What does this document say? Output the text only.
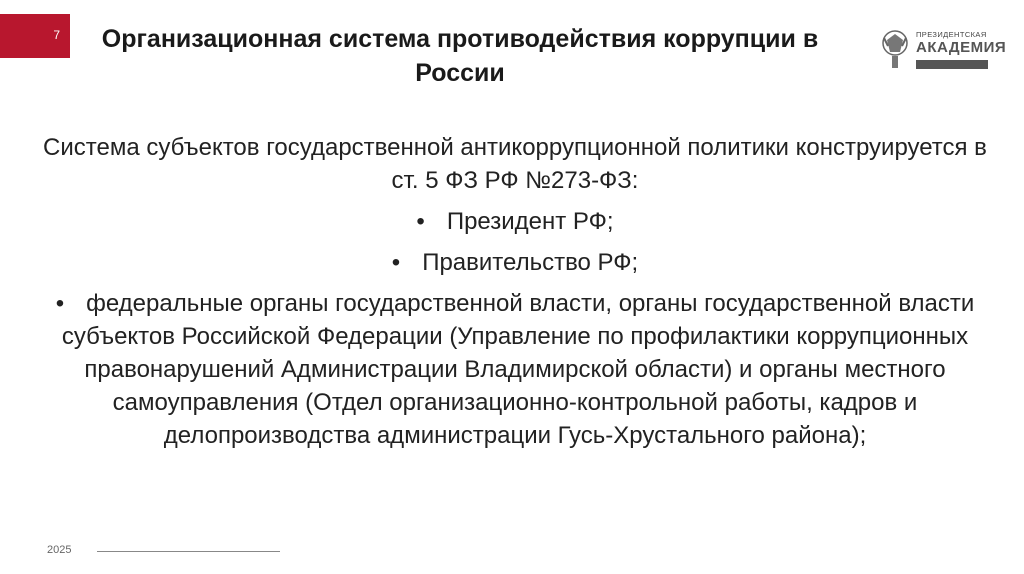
7	Организационная система противодействия коррупции в России
ПРЕЗИДЕНТСКАЯ
АКАДЕМИЯ
Система субъектов государственной антикоррупционной политики конструируется в ст. 5 ФЗ РФ №273-ФЗ:
• Президент РФ;
• Правительство РФ;
• федеральные органы государственной власти, органы государственной власти субъектов Российской Федерации (Управление по профилактики коррупционных правонарушений Администрации Владимирской области) и органы местного самоуправления (Отдел организационно-контрольной работы, кадров и делопроизводства администрации Гусь-Хрустального района);
2025
